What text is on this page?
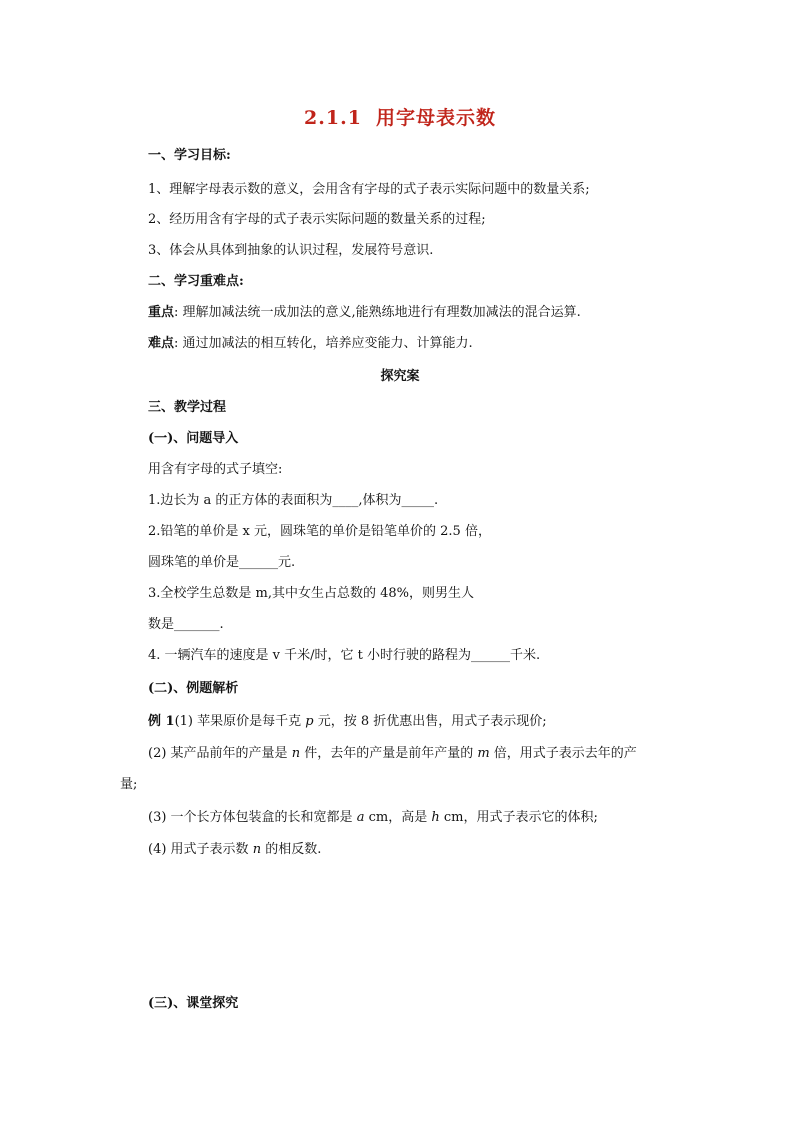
2.1.1 用字母表示数
一、学习目标:
1、理解字母表示数的意义，会用含有字母的式子表示实际问题中的数量关系;
2、经历用含有字母的式子表示实际问题的数量关系的过程;
3、体会从具体到抽象的认识过程，发展符号意识.
二、学习重难点:
重点: 理解加减法统一成加法的意义,能熟练地进行有理数加减法的混合运算.
难点: 通过加减法的相互转化，培养应变能力、计算能力.
探究案
三、教学过程
(一)、问题导入
用含有字母的式子填空:
1.边长为 a 的正方体的表面积为____,体积为_____.
2.铅笔的单价是 x 元，圆珠笔的单价是铅笔单价的 2.5 倍，
圆珠笔的单价是______元.
3.全校学生总数是 m,其中女生占总数的 48%，则男生人
数是_______.
4. 一辆汽车的速度是 v 千米/时，它 t 小时行驶的路程为______千米.
(二)、例题解析
例 1(1) 苹果原价是每千克 p 元，按 8 折优惠出售，用式子表示现价;
(2) 某产品前年的产量是 n 件，去年的产量是前年产量的 m 倍，用式子表示去年的产
量;
(3) 一个长方体包装盒的长和宽都是 a cm，高是 h cm，用式子表示它的体积;
(4) 用式子表示数 n 的相反数.
(三)、课堂探究
